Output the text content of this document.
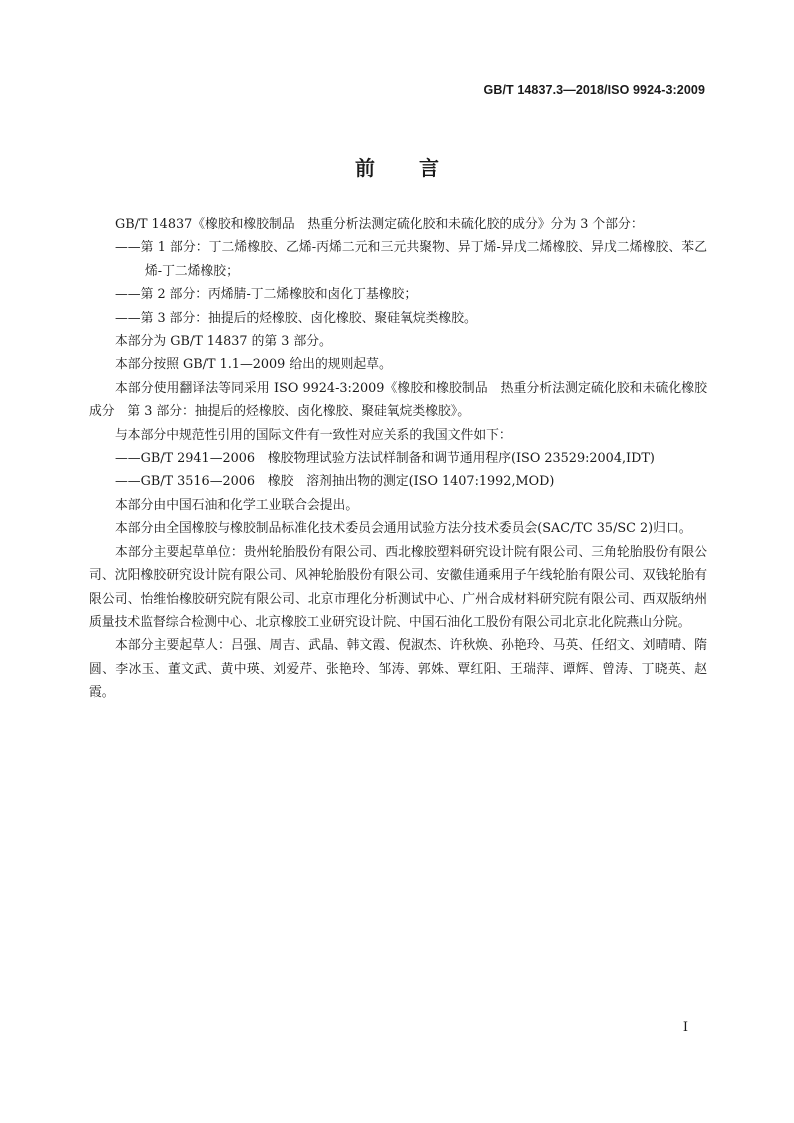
GB/T 14837.3—2018/ISO 9924-3:2009
前言

GB/T 14837《橡胶和橡胶制品　热重分析法测定硫化胶和未硫化胶的成分》分为 3 个部分：

——第 1 部分：丁二烯橡胶、乙烯-丙烯二元和三元共聚物、异丁烯-异戊二烯橡胶、异戊二烯橡胶、苯乙烯-丁二烯橡胶；

——第 2 部分：丙烯腈-丁二烯橡胶和卤化丁基橡胶；

——第 3 部分：抽提后的烃橡胶、卤化橡胶、聚硅氧烷类橡胶。

本部分为 GB/T 14837 的第 3 部分。

本部分按照 GB/T 1.1—2009 给出的规则起草。

本部分使用翻译法等同采用 ISO 9924-3:2009《橡胶和橡胶制品　热重分析法测定硫化胶和未硫化橡胶成分　第 3 部分：抽提后的烃橡胶、卤化橡胶、聚硅氧烷类橡胶》。

与本部分中规范性引用的国际文件有一致性对应关系的我国文件如下：

——GB/T 2941—2006　橡胶物理试验方法试样制备和调节通用程序(ISO 23529:2004,IDT)

——GB/T 3516—2006　橡胶　溶剂抽出物的测定(ISO 1407:1992,MOD)

本部分由中国石油和化学工业联合会提出。

本部分由全国橡胶与橡胶制品标准化技术委员会通用试验方法分技术委员会(SAC/TC 35/SC 2)归口。

本部分主要起草单位：贵州轮胎股份有限公司、西北橡胶塑料研究设计院有限公司、三角轮胎股份有限公司、沈阳橡胶研究设计院有限公司、风神轮胎股份有限公司、安徽佳通乘用子午线轮胎有限公司、双钱轮胎有限公司、怡维怡橡胶研究院有限公司、北京市理化分析测试中心、广州合成材料研究院有限公司、西双版纳州质量技术监督综合检测中心、北京橡胶工业研究设计院、中国石油化工股份有限公司北京北化院燕山分院。

本部分主要起草人：吕强、周吉、武晶、韩文霞、倪淑杰、许秋焕、孙艳玲、马英、任绍文、刘晴晴、隋圆、李冰玉、董文武、黄中瑛、刘爱芹、张艳玲、邹涛、郭姝、覃红阳、王瑞萍、谭辉、曾涛、丁晓英、赵霞。

I
